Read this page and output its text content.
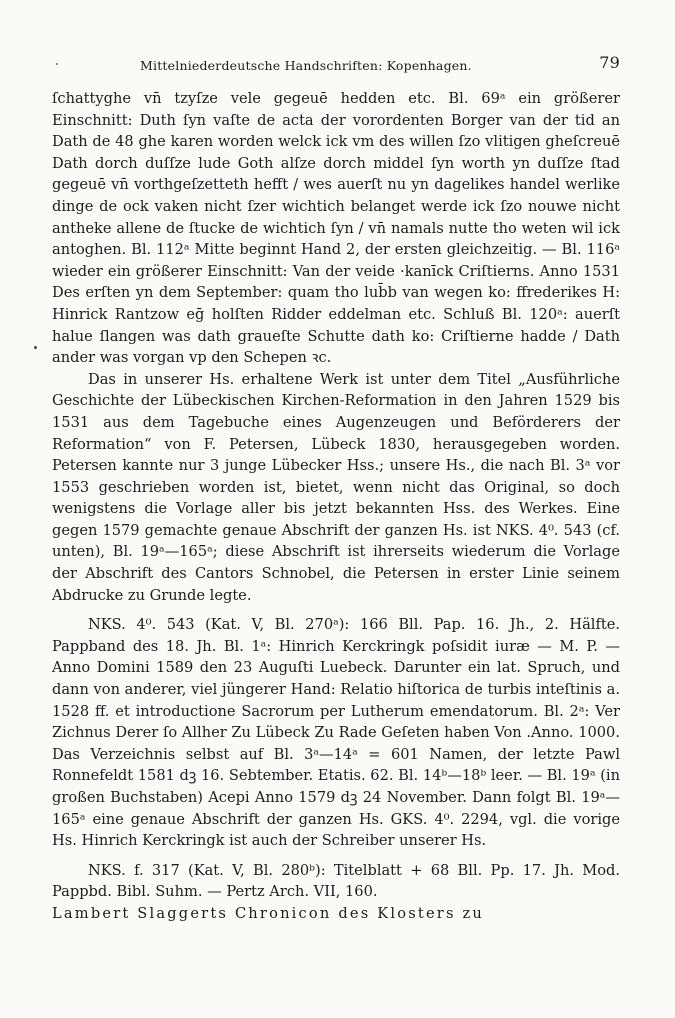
Mittelniederdeutsche Handschriften: Kopenhagen.	79

ſchattyghe vn̄ tzyſze vele gegeuē hedden etc. Bl. 69ᵃ ein größerer Einschnitt: Duth ſyn vaſte de acta der vorordenten Borger van der tid an Dath de 48 ghe karen worden welck ick vm des willen ſzo vlitigen gheſcreuē Dath dorch duſſze lude Goth alſze dorch middel ſyn worth yn duſſze ſtad gegeuē vn̄ vorthgeſzetteth hefft / wes auerſt nu yn dagelikes handel werlike dinge de ock vaken nicht ſzer wichtich belanget werde ick ſzo nouwe nicht antheke allene de ſtucke de wichtich ſyn / vn̄ namals nutte tho weten wil ick antoghen. Bl. 112ᵃ Mitte beginnt Hand 2, der ersten gleichzeitig. — Bl. 116ᵃ wieder ein größerer Einschnitt: Van der veide ·kanīck Criſtierns. Anno 1531 Des erſten yn dem September: quam tho lub̄b van wegen ko: ffrederikes H: Hinrick Rantzow eḡ holſten Ridder eddelman etc. Schluß Bl. 120ᵃ: auerſt halue ſlangen was dath graueſte Schutte dath ko: Criſtierne hadde / Dath ander was vorgan vp den Schepen ꝛc.

Das in unserer Hs. erhaltene Werk ist unter dem Titel „Ausführliche Geschichte der Lübeckischen Kirchen-Reformation in den Jahren 1529 bis 1531 aus dem Tagebuche eines Augenzeugen und Beförderers der Reformation“ von F. Petersen, Lübeck 1830, herausgegeben worden. Petersen kannte nur 3 junge Lübecker Hss.; unsere Hs., die nach Bl. 3ᵃ vor 1553 geschrieben worden ist, bietet, wenn nicht das Original, so doch wenigstens die Vorlage aller bis jetzt bekannten Hss. des Werkes. Eine gegen 1579 gemachte genaue Abschrift der ganzen Hs. ist NKS. 4⁰. 543 (cf. unten), Bl. 19ᵃ—165ᵃ; diese Abschrift ist ihrerseits wiederum die Vorlage der Abschrift des Cantors Schnobel, die Petersen in erster Linie seinem Abdrucke zu Grunde legte.

NKS. 4⁰. 543 (Kat. V, Bl. 270ᵃ): 166 Bll. Pap. 16. Jh., 2. Hälfte. Pappband des 18. Jh. Bl. 1ᵃ: Hinrich Kerckringk poſsidit iuræ — M. P. — Anno Domini 1589 den 23 Auguſti Luebeck. Darunter ein lat. Spruch, und dann von anderer, viel jüngerer Hand: Relatio hiſtorica de turbis inteſtinis a. 1528 ff. et introductione Sacrorum per Lutherum emendatorum. Bl. 2ᵃ: Ver Zichnus Derer ſo Allher Zu Lübeck Zu Rade Geſeten haben Von .Anno. 1000. Das Verzeichnis selbst auf Bl. 3ᵃ—14ᵃ = 601 Namen, der letzte Pawl Ronnefeldt 1581 dꝫ 16. Sebtember. Etatis. 62. Bl. 14ᵇ—18ᵇ leer. — Bl. 19ᵃ (in großen Buchstaben) Acepi Anno 1579 dꝫ 24 November. Dann folgt Bl. 19ᵃ—165ᵃ eine genaue Abschrift der ganzen Hs. GKS. 4⁰. 2294, vgl. die vorige Hs. Hinrich Kerckringk ist auch der Schreiber unserer Hs.

NKS. f. 317 (Kat. V, Bl. 280ᵇ): Titelblatt + 68 Bll. Pp. 17. Jh. Mod. Pappbd. Bibl. Suhm. — Pertz Arch. VII, 160.

Lambert Slaggerts Chronicon des Klosters zu
